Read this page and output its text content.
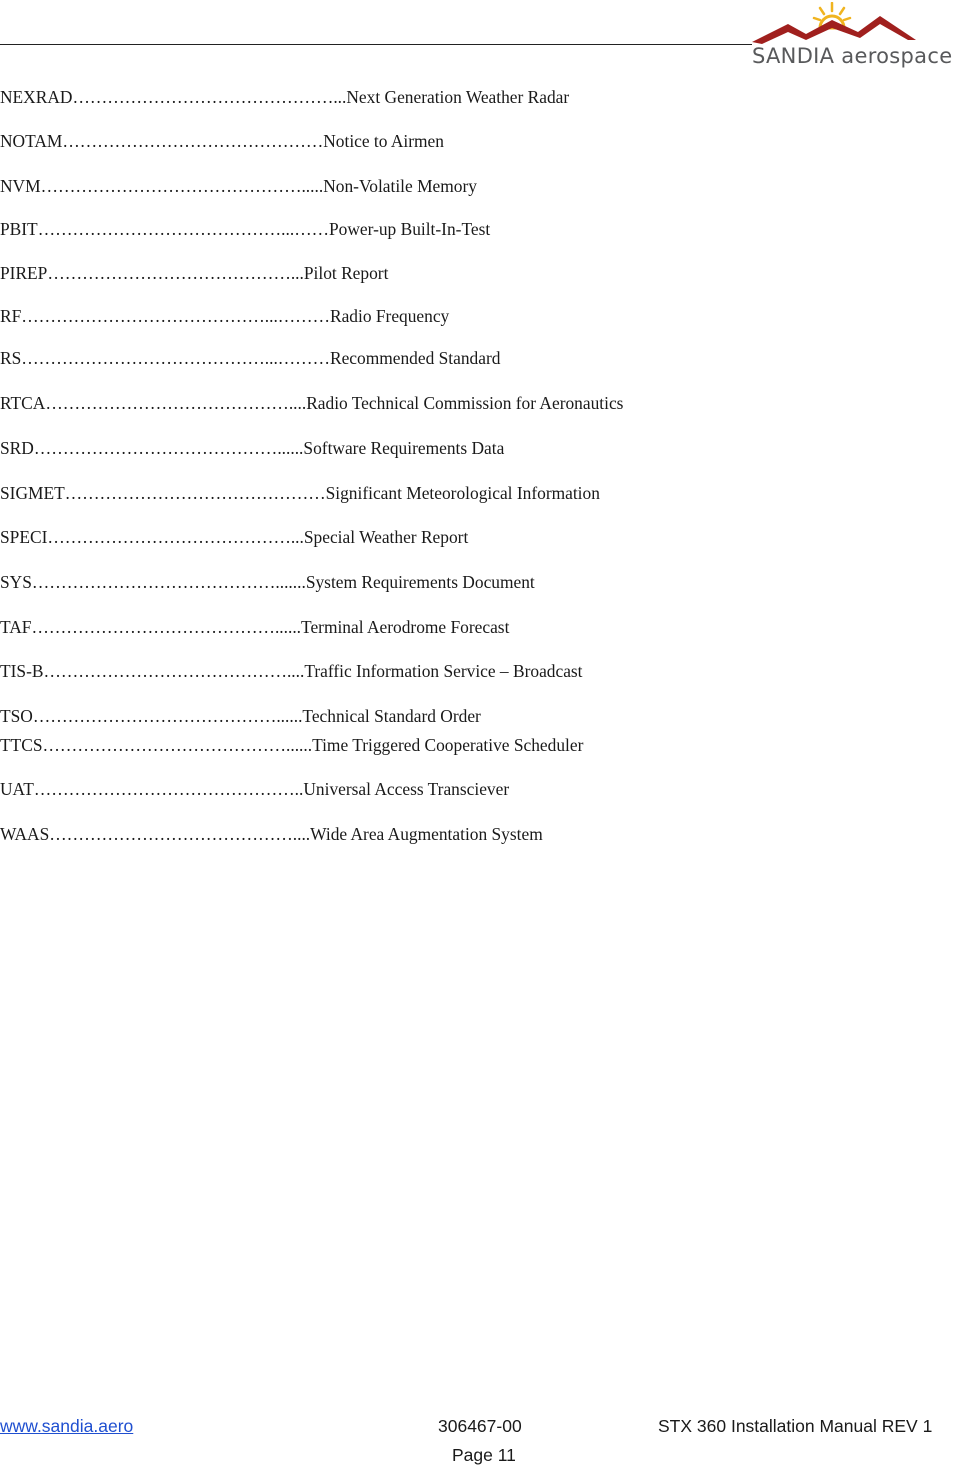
SANDIA aerospace
NEXRAD………………………………………...Next Generation Weather Radar
NOTAM………………………………………Notice to Airmen
NVM……………………………………….....Non-Volatile Memory
PBIT……………………………………...……Power-up Built-In-Test
PIREP……………………………………...Pilot Report
RF……………………………………...………Radio Frequency
RS……………………………………...………Recommended Standard
RTCA……………………………………....Radio Technical Commission for Aeronautics
SRD……………………………………......Software Requirements Data
SIGMET………………………………………Significant Meteorological Information
SPECI……………………………………...Special Weather Report
SYS…………………………………….......System Requirements Document
TAF……………………………………......Terminal Aerodrome Forecast
TIS-B……………………………………....Traffic Information Service – Broadcast
TSO……………………………………......Technical Standard Order
TTCS……………………………………......Time Triggered Cooperative Scheduler
UAT………………………………………..Universal Access Transciever
WAAS……………………………………....Wide Area Augmentation System
www.sandia.aero	306467-00	STX 360 Installation Manual REV 1
Page 11
